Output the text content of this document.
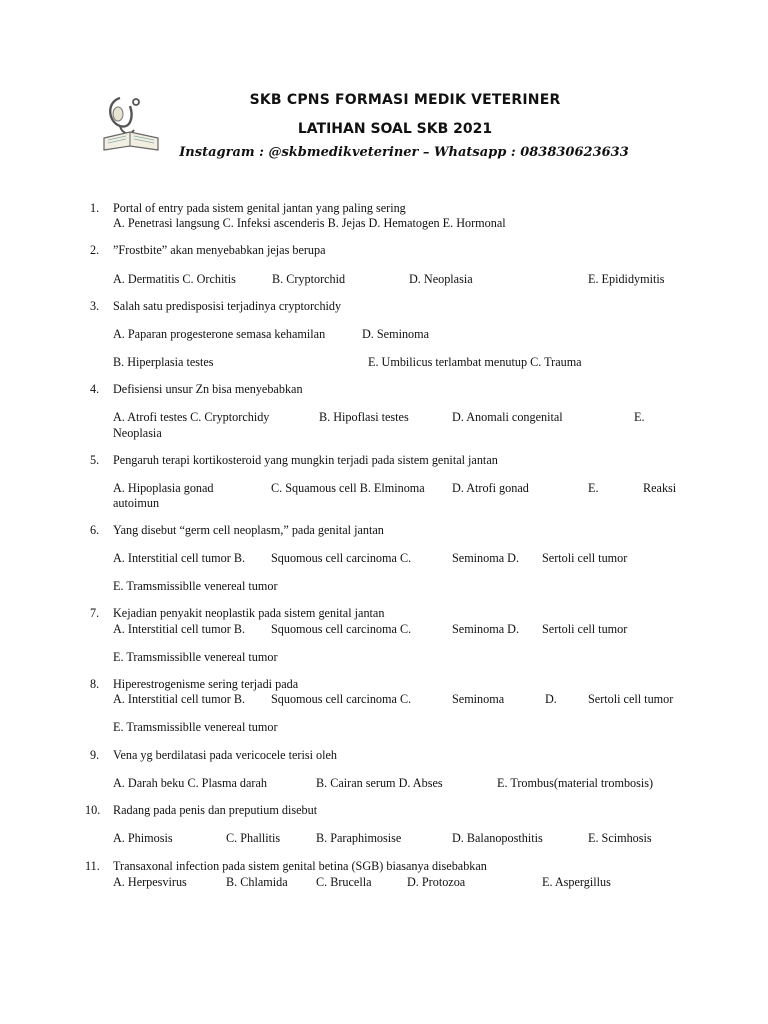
SKB CPNS FORMASI MEDIK VETERINER
LATIHAN SOAL SKB 2021
Instagram : @skbmedikveteriner – Whatsapp : 083830623633
1. Portal of entry pada sistem genital jantan yang paling sering
A. Penetrasi langsung C. Infeksi ascenderis B. Jejas D. Hematogen E. Hormonal
2. ”Frostbite” akan menyebabkan jejas berupa
A. Dermatitis C. Orchitis	B. Cryptorchid	D. Neoplasia	E. Epididymitis
3. Salah satu predisposisi terjadinya cryptorchidy
A. Paparan progesterone semasa kehamilan	D. Seminoma
B. Hiperplasia testes	E. Umbilicus terlambat menutup C. Trauma
4. Defisiensi unsur Zn bisa menyebabkan
A. Atrofi testes C. Cryptorchidy	B. Hipoflasi testes	D. Anomali congenital	E.
Neoplasia
5. Pengaruh terapi kortikosteroid yang mungkin terjadi pada sistem genital jantan
A. Hipoplasia gonad	C. Squamous cell B. Elminoma D. Atrofi gonad	E.	Reaksi
autoimun
6. Yang disebut “germ cell neoplasm,” pada genital jantan
A. Interstitial cell tumor B. Squomous cell carcinoma C.	Seminoma D. Sertoli cell tumor
E. Tramsmissiblle venereal tumor
7. Kejadian penyakit neoplastik pada sistem genital jantan
A. Interstitial cell tumor B. Squomous cell carcinoma C.	Seminoma D. Sertoli cell tumor
E. Tramsmissiblle venereal tumor
8. Hiperestrogenisme sering terjadi pada
A. Interstitial cell tumor B. Squomous cell carcinoma C.	Seminoma	D.	Sertoli cell tumor
E. Tramsmissiblle venereal tumor
9. Vena yg berdilatasi pada vericocele terisi oleh
A. Darah beku C. Plasma darah	B. Cairan serum D. Abses	E. Trombus(material trombosis)
10. Radang pada penis dan preputium disebut
A. Phimosis	C. Phallitis	B. Paraphimosise	D. Balanoposthitis	E. Scimhosis
11. Transaxonal infection pada sistem genital betina (SGB) biasanya disebabkan
A. Herpesvirus	B. Chlamida C. Brucella	D. Protozoa	E. Aspergillus
